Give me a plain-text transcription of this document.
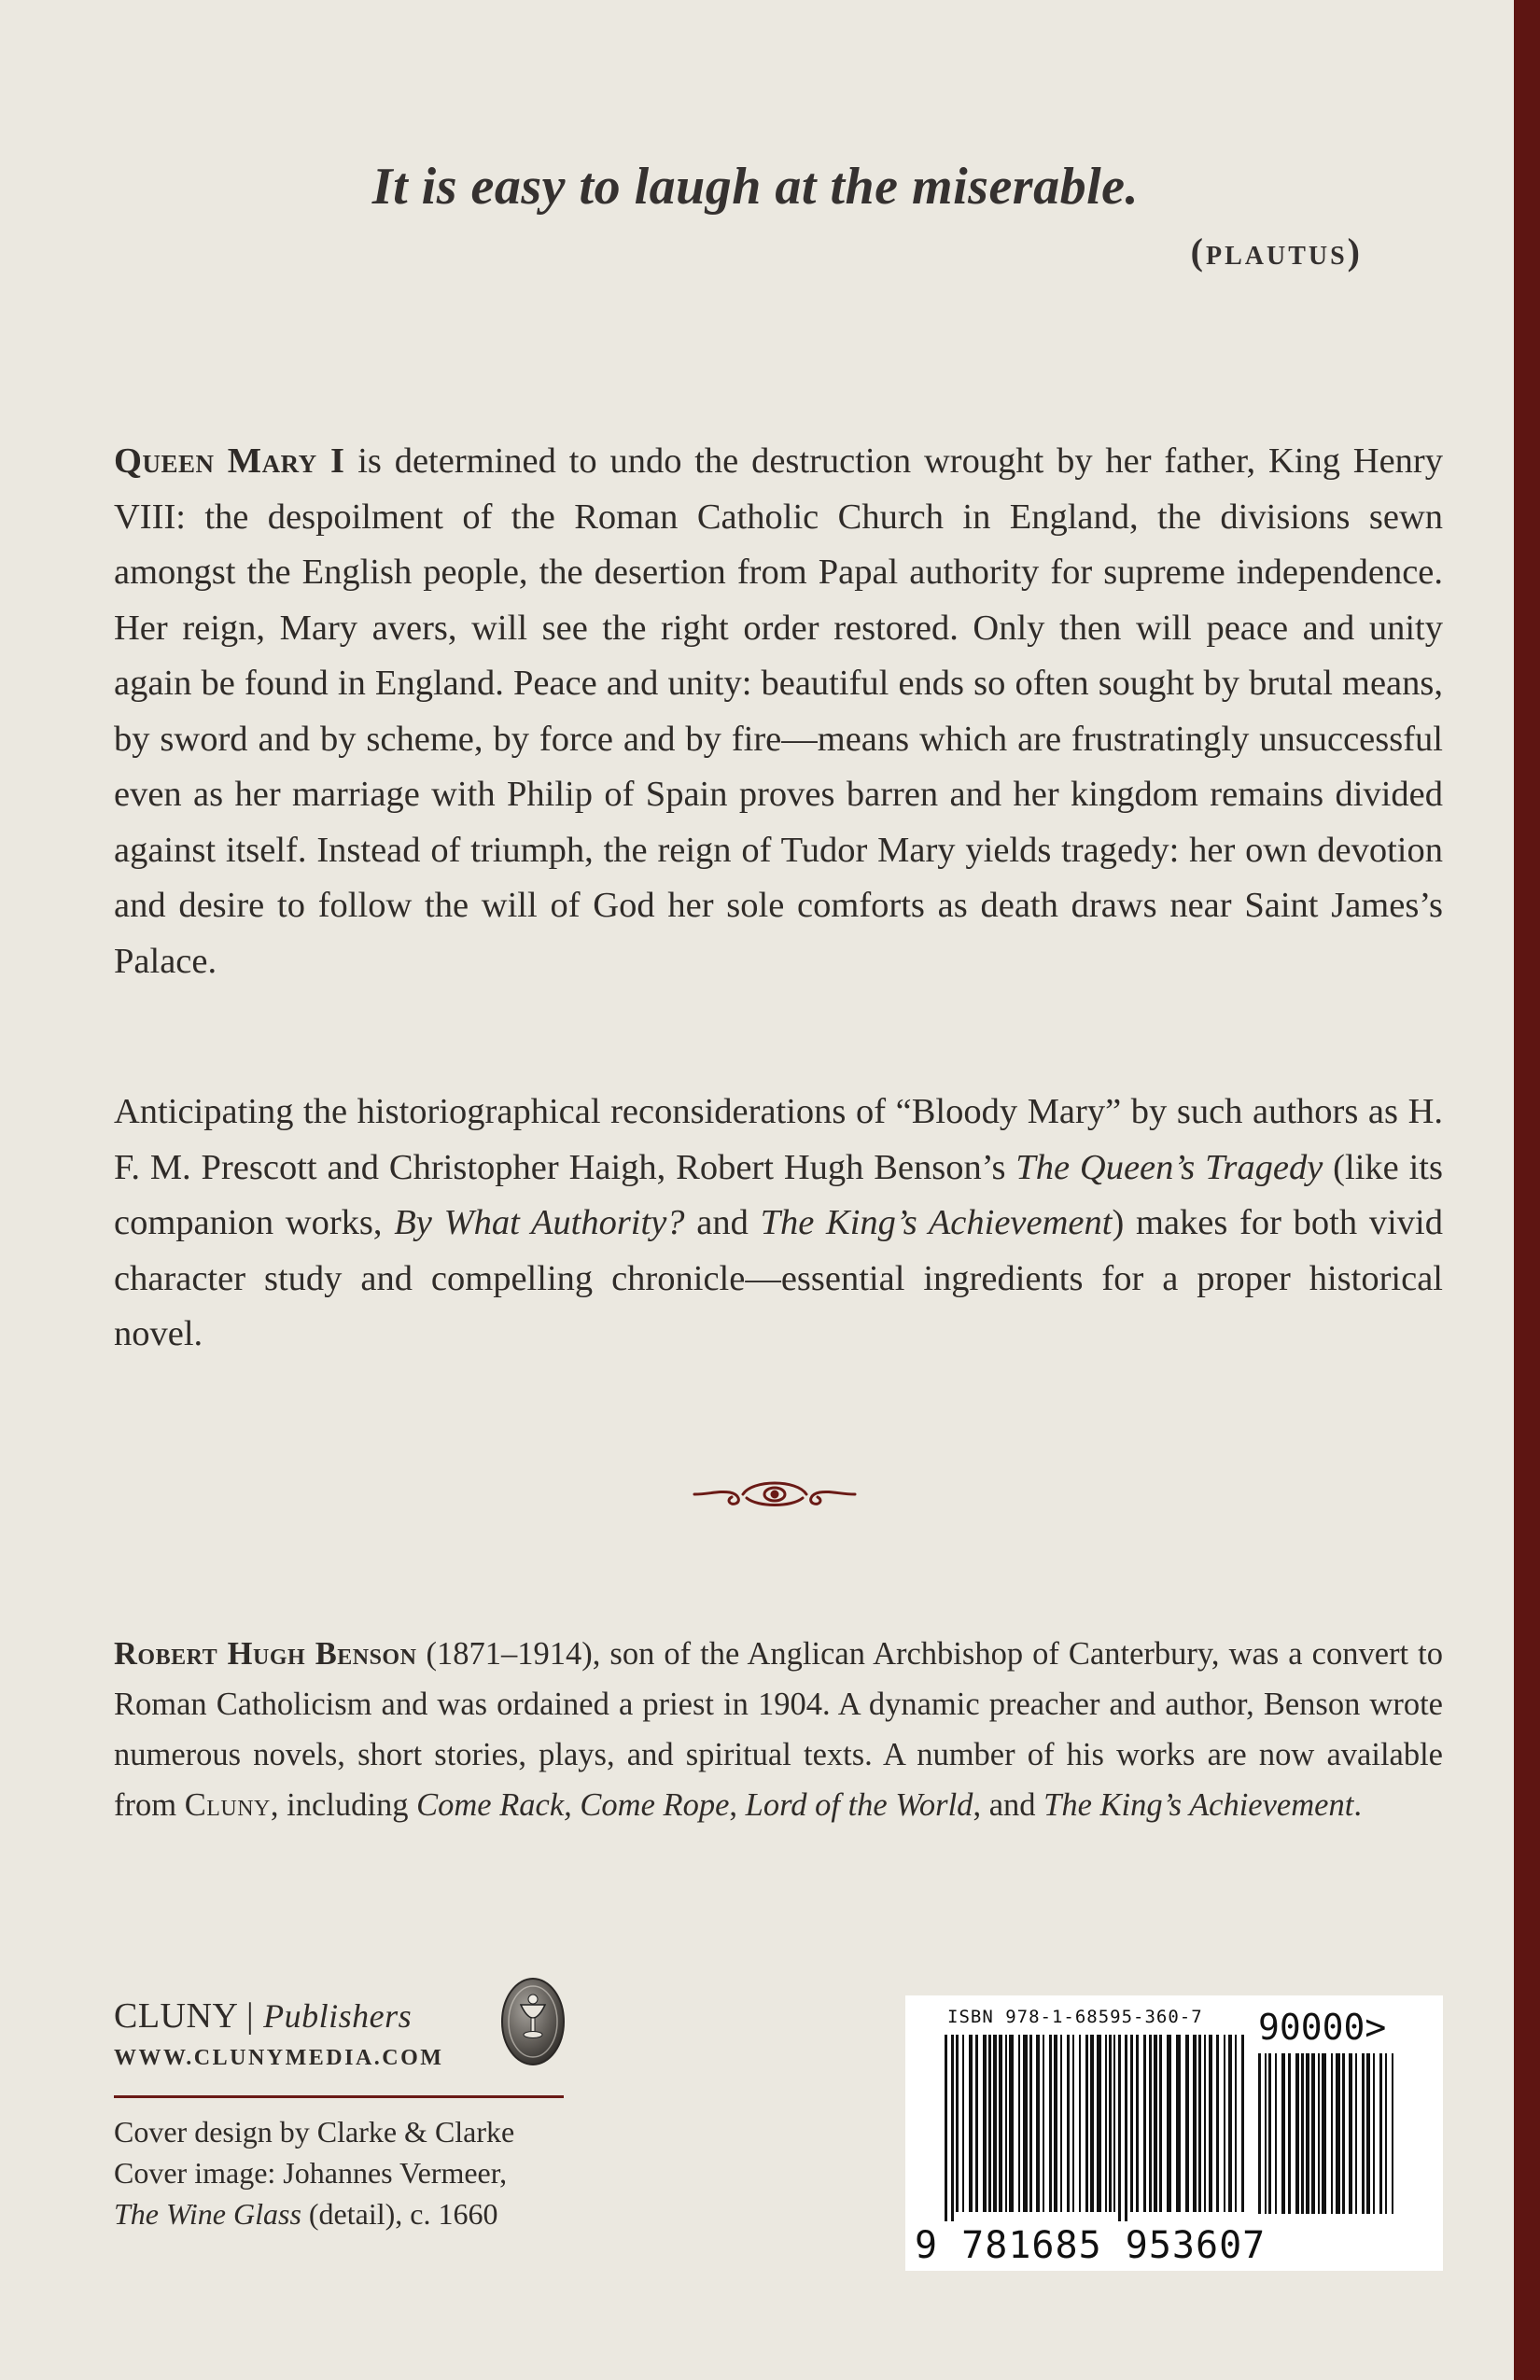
It is easy to laugh at the miserable.
(plautus)

Queen Mary I is determined to undo the destruction wrought by her father, King Henry VIII: the despoilment of the Roman Catholic Church in England, the divisions sewn amongst the English people, the desertion from Papal authority for supreme independence. Her reign, Mary avers, will see the right order restored. Only then will peace and unity again be found in England. Peace and unity: beautiful ends so often sought by brutal means, by sword and by scheme, by force and by fire—means which are frustratingly unsuccessful even as her marriage with Philip of Spain proves barren and her kingdom remains divided against itself. Instead of triumph, the reign of Tudor Mary yields tragedy: her own devotion and desire to follow the will of God her sole comforts as death draws near Saint James’s Palace.

Anticipating the historiographical reconsiderations of “Bloody Mary” by such authors as H. F. M. Prescott and Christopher Haigh, Robert Hugh Benson’s The Queen’s Tragedy (like its companion works, By What Authority? and The King’s Achievement) makes for both vivid character study and compelling chronicle—essential ingredients for a proper historical novel.

Robert Hugh Benson (1871–1914), son of the Anglican Archbishop of Canterbury, was a convert to Roman Catholicism and was ordained a priest in 1904. A dynamic preacher and author, Benson wrote numerous novels, short stories, plays, and spiritual texts. A number of his works are now available from Cluny, including Come Rack, Come Rope, Lord of the World, and The King’s Achievement.

CLUNY | Publishers
WWW.CLUNYMEDIA.COM
Cover design by Clarke & Clarke
Cover image: Johannes Vermeer,
The Wine Glass (detail), c. 1660
ISBN 978-1-68595-360-7 90000>
9 781685 953607
